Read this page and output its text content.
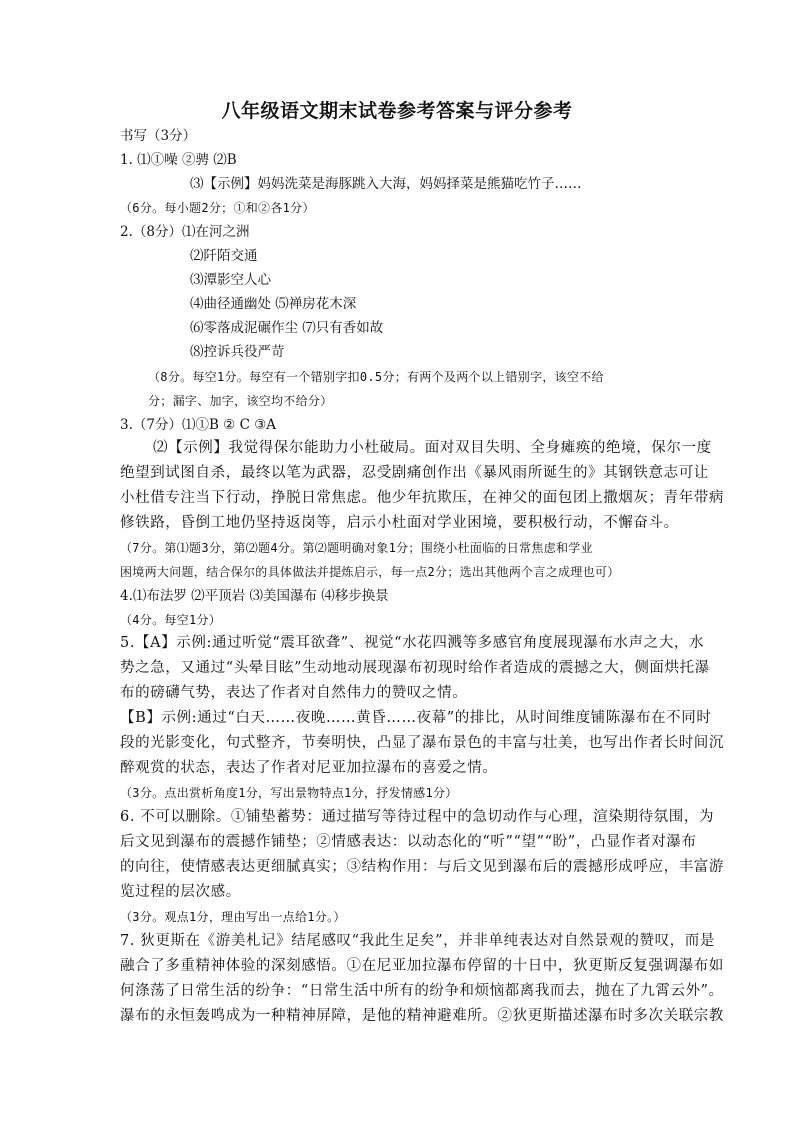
八年级语文期末试卷参考答案与评分参考
书写（3分）
1. ⑴①噪 ②骋 ⑵B
⑶【示例】妈妈洗菜是海豚跳入大海，妈妈择菜是熊猫吃竹子……
（6分。每小题2分；①和②各1分）
2.（8分）⑴在河之洲
⑵阡陌交通
⑶潭影空人心
⑷曲径通幽处 ⑸禅房花木深
⑹零落成泥碾作尘 ⑺只有香如故
⑻控诉兵役严苛
（8分。每空1分。每空有一个错别字扣0.5分；有两个及两个以上错别字，该空不给
分；漏字、加字，该空均不给分）
3.（7分）⑴①B ② C ③A
⑵【示例】我觉得保尔能助力小杜破局。面对双目失明、全身瘫痪的绝境，保尔一度
绝望到试图自杀，最终以笔为武器，忍受剧痛创作出《暴风雨所诞生的》其钢铁意志可让
小杜借专注当下行动，挣脱日常焦虑。他少年抗欺压，在神父的面包团上撒烟灰；青年带病
修铁路，昏倒工地仍坚持返岗等，启示小杜面对学业困境，要积极行动，不懈奋斗。
（7分。第⑴题3分，第⑵题4分。第⑵题明确对象1分；围绕小杜面临的日常焦虑和学业
困境两大问题，结合保尔的具体做法并提炼启示，每一点2分；选出其他两个言之成理也可）
4.⑴布法罗 ⑵平顶岩 ⑶美国瀑布 ⑷移步换景
（4分。每空1分）
5.【A】示例:通过听觉“震耳欲聋”、视觉“水花四溅等多感官角度展现瀑布水声之大，水
势之急，又通过“头晕目眩”生动地动展现瀑布初现时给作者造成的震撼之大，侧面烘托瀑
布的磅礴气势，表达了作者对自然伟力的赞叹之情。
【B】示例:通过“白天……夜晚……黄昏……夜幕”的排比，从时间维度铺陈瀑布在不同时
段的光影变化，句式整齐，节奏明快，凸显了瀑布景色的丰富与壮美，也写出作者长时间沉
醉观赏的状态，表达了作者对尼亚加拉瀑布的喜爱之情。
（3分。点出赏析角度1分，写出景物特点1分，抒发情感1分）
6. 不可以删除。①铺垫蓄势：通过描写等待过程中的急切动作与心理，渲染期待氛围，为
后文见到瀑布的震撼作铺垫；②情感表达：以动态化的“听”“望”“盼”，凸显作者对瀑布
的向往，使情感表达更细腻真实；③结构作用：与后文见到瀑布后的震撼形成呼应，丰富游
览过程的层次感。
（3分。观点1分，理由写出一点给1分。）
7. 狄更斯在《游美札记》结尾感叹“我此生足矣”，并非单纯表达对自然景观的赞叹，而是
融合了多重精神体验的深刻感悟。①在尼亚加拉瀑布停留的十日中，狄更斯反复强调瀑布如
何涤荡了日常生活的纷争：“日常生活中所有的纷争和烦恼都离我而去，抛在了九霄云外”。
瀑布的永恒轰鸣成为一种精神屏障，是他的精神避难所。②狄更斯描述瀑布时多次关联宗教
